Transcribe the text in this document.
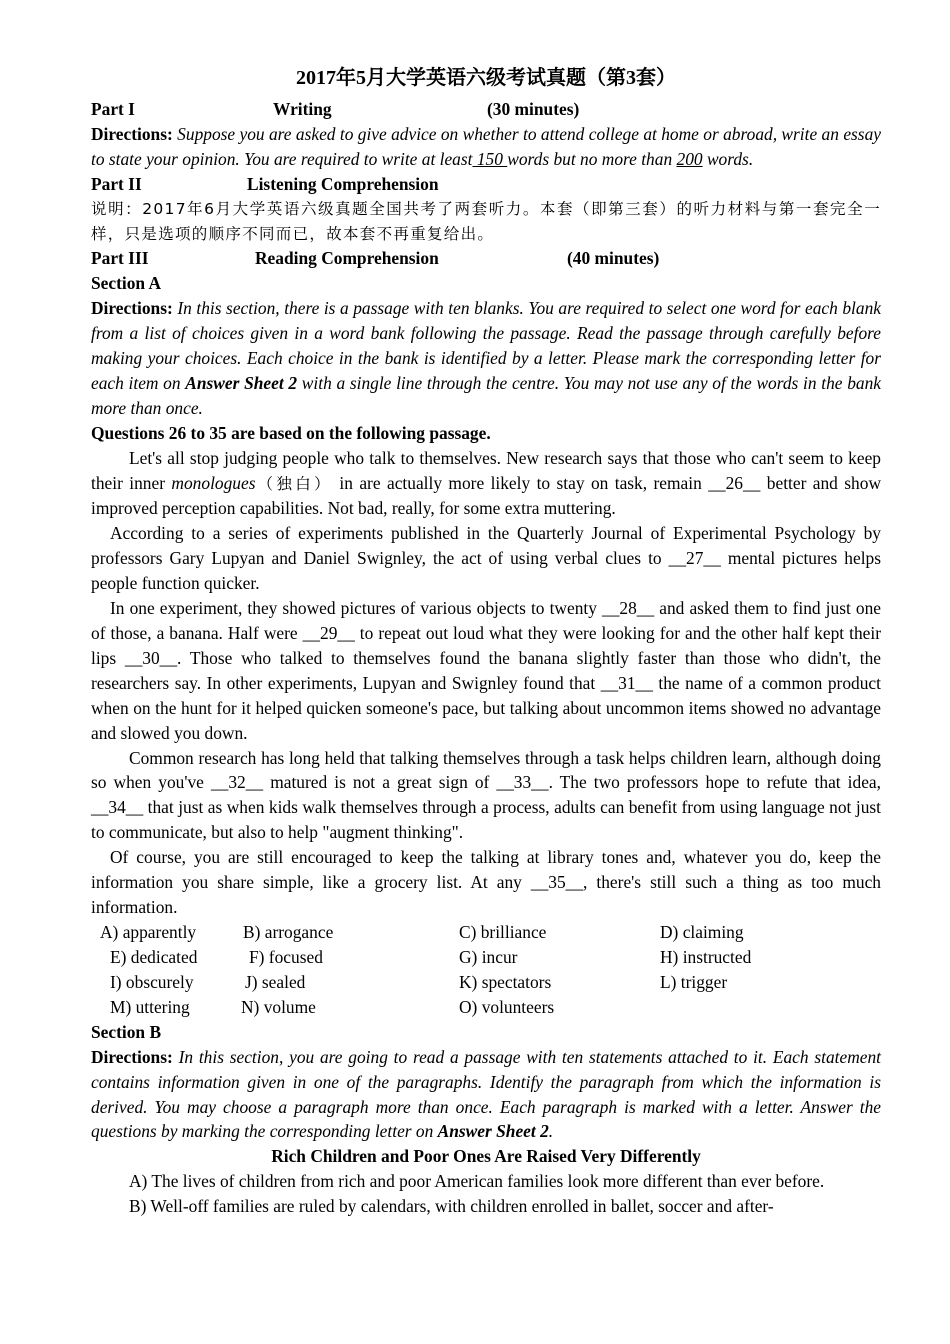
2017年5月大学英语六级考试真题（第3套）
Part I	Writing	(30 minutes)

Directions: Suppose you are asked to give advice on whether to attend college at home or abroad, write an essay to state your opinion. You are required to write at least 150 words but no more than 200 words.

Part II	Listening Comprehension

说明：2017年6月大学英语六级真题全国共考了两套听力。本套（即第三套）的听力材料与第一套完全一样，只是选项的顺序不同而已，故本套不再重复给出。

Part III	Reading Comprehension	(40 minutes)

Section A

Directions: In this section, there is a passage with ten blanks. You are required to select one word for each blank from a list of choices given in a word bank following the passage. Read the passage through carefully before making your choices. Each choice in the bank is identified by a letter. Please mark the corresponding letter for each item on Answer Sheet 2 with a single line through the centre. You may not use any of the words in the bank more than once.

Questions 26 to 35 are based on the following passage.

Let's all stop judging people who talk to themselves. New research says that those who can't seem to keep their inner monologues（独白） in are actually more likely to stay on task, remain __26__ better and show improved perception capabilities. Not bad, really, for some extra muttering.

According to a series of experiments published in the Quarterly Journal of Experimental Psychology by professors Gary Lupyan and Daniel Swignley, the act of using verbal clues to __27__ mental pictures helps people function quicker.

In one experiment, they showed pictures of various objects to twenty __28__ and asked them to find just one of those, a banana. Half were __29__ to repeat out loud what they were looking for and the other half kept their lips __30__. Those who talked to themselves found the banana slightly faster than those who didn't, the researchers say. In other experiments, Lupyan and Swignley found that __31__ the name of a common product when on the hunt for it helped quicken someone's pace, but talking about uncommon items showed no advantage and slowed you down.

Common research has long held that talking themselves through a task helps children learn, although doing so when you've __32__ matured is not a great sign of __33__. The two professors hope to refute that idea, __34__ that just as when kids walk themselves through a process, adults can benefit from using language not just to communicate, but also to help "augment thinking".

Of course, you are still encouraged to keep the talking at library tones and, whatever you do, keep the information you share simple, like a grocery list. At any __35__, there's still such a thing as too much information.

A) apparently	B) arrogance	C) brilliance	D) claiming
E) dedicated	F) focused	G) incur	H) instructed
I) obscurely	J) sealed	K) spectators	L) trigger
M) uttering	N) volume	O) volunteers

Section B

Directions: In this section, you are going to read a passage with ten statements attached to it. Each statement contains information given in one of the paragraphs. Identify the paragraph from which the information is derived. You may choose a paragraph more than once. Each paragraph is marked with a letter. Answer the questions by marking the corresponding letter on Answer Sheet 2.

Rich Children and Poor Ones Are Raised Very Differently

A) The lives of children from rich and poor American families look more different than ever before.

B) Well-off families are ruled by calendars, with children enrolled in ballet, soccer and after-
